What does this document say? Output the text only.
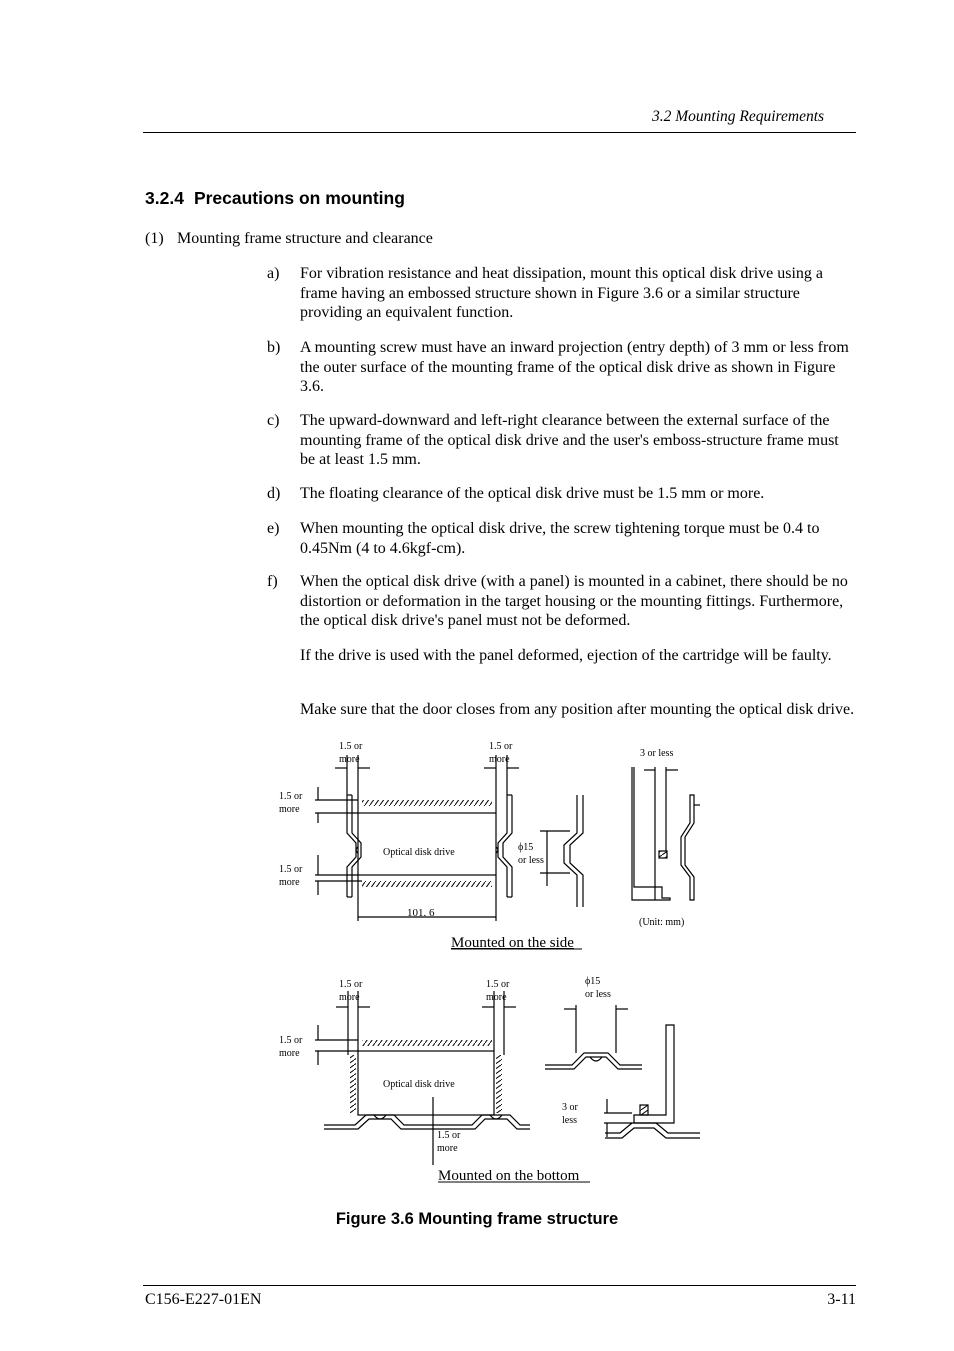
3.2 Mounting Requirements
3.2.4 Precautions on mounting
(1) Mounting frame structure and clearance
a) For vibration resistance and heat dissipation, mount this optical disk drive using a frame having an embossed structure shown in Figure 3.6 or a similar structure providing an equivalent function.
b) A mounting screw must have an inward projection (entry depth) of 3 mm or less from the outer surface of the mounting frame of the optical disk drive as shown in Figure 3.6.
c) The upward-downward and left-right clearance between the external surface of the mounting frame of the optical disk drive and the user's emboss-structure frame must be at least 1.5 mm.
d) The floating clearance of the optical disk drive must be 1.5 mm or more.
e) When mounting the optical disk drive, the screw tightening torque must be 0.4 to 0.45Nm (4 to 4.6kgf-cm).
f) When the optical disk drive (with a panel) is mounted in a cabinet, there should be no distortion or deformation in the target housing or the mounting fittings. Furthermore, the optical disk drive's panel must not be deformed.
If the drive is used with the panel deformed, ejection of the cartridge will be faulty.
Make sure that the door closes from any position after mounting the optical disk drive.
1.5 or
more
1.5 or
more
1.5 or
more
1.5 or
more
Optical disk drive	ϕ15
or less
3 or less
101. 6
(Unit: mm)
Mounted on the side
1.5 or
more
1.5 or
more
1.5 or
more
1.5 or
more
ϕ15
or less
3 or
less
Optical disk drive
Mounted on the bottom
Figure 3.6 Mounting frame structure
C156-E227-01EN	3-11
